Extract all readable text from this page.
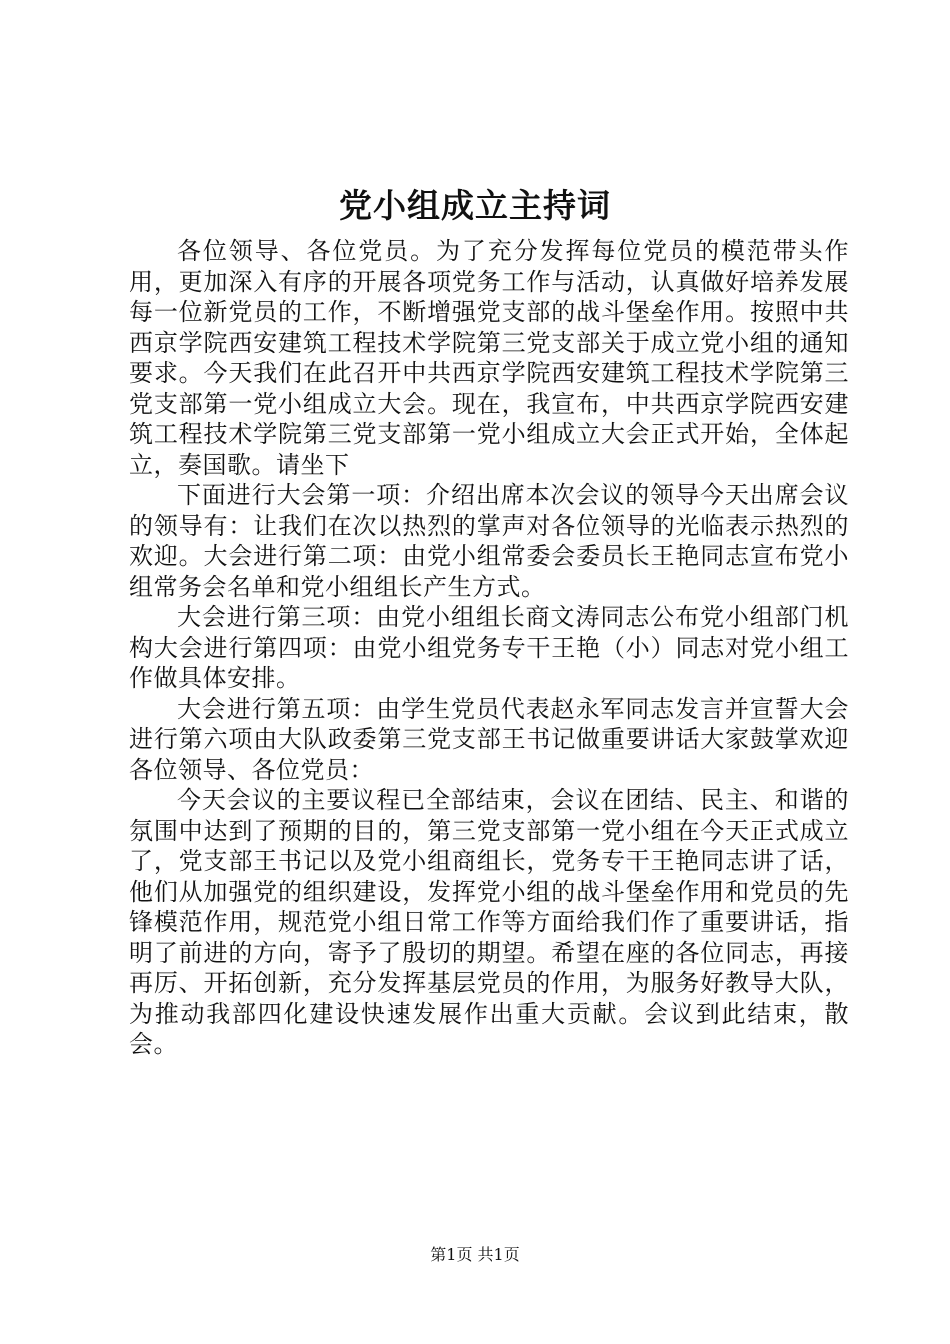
党小组成立主持词

各位领导、各位党员。为了充分发挥每位党员的模范带头作用，更加深入有序的开展各项党务工作与活动，认真做好培养发展每一位新党员的工作，不断增强党支部的战斗堡垒作用。按照中共西京学院西安建筑工程技术学院第三党支部关于成立党小组的通知要求。今天我们在此召开中共西京学院西安建筑工程技术学院第三党支部第一党小组成立大会。现在，我宣布，中共西京学院西安建筑工程技术学院第三党支部第一党小组成立大会正式开始，全体起立，奏国歌。请坐下

下面进行大会第一项：介绍出席本次会议的领导今天出席会议的领导有：让我们在次以热烈的掌声对各位领导的光临表示热烈的欢迎。大会进行第二项：由党小组常委会委员长王艳同志宣布党小组常务会名单和党小组组长产生方式。

大会进行第三项：由党小组组长商文涛同志公布党小组部门机构大会进行第四项：由党小组党务专干王艳（小）同志对党小组工作做具体安排。

大会进行第五项：由学生党员代表赵永军同志发言并宣誓大会进行第六项由大队政委第三党支部王书记做重要讲话大家鼓掌欢迎各位领导、各位党员：

今天会议的主要议程已全部结束，会议在团结、民主、和谐的氛围中达到了预期的目的，第三党支部第一党小组在今天正式成立了，党支部王书记以及党小组商组长，党务专干王艳同志讲了话，他们从加强党的组织建设，发挥党小组的战斗堡垒作用和党员的先锋模范作用，规范党小组日常工作等方面给我们作了重要讲话，指明了前进的方向，寄予了殷切的期望。希望在座的各位同志，再接再厉、开拓创新，充分发挥基层党员的作用，为服务好教导大队，为推动我部四化建设快速发展作出重大贡献。会议到此结束，散会。

第1页 共1页
